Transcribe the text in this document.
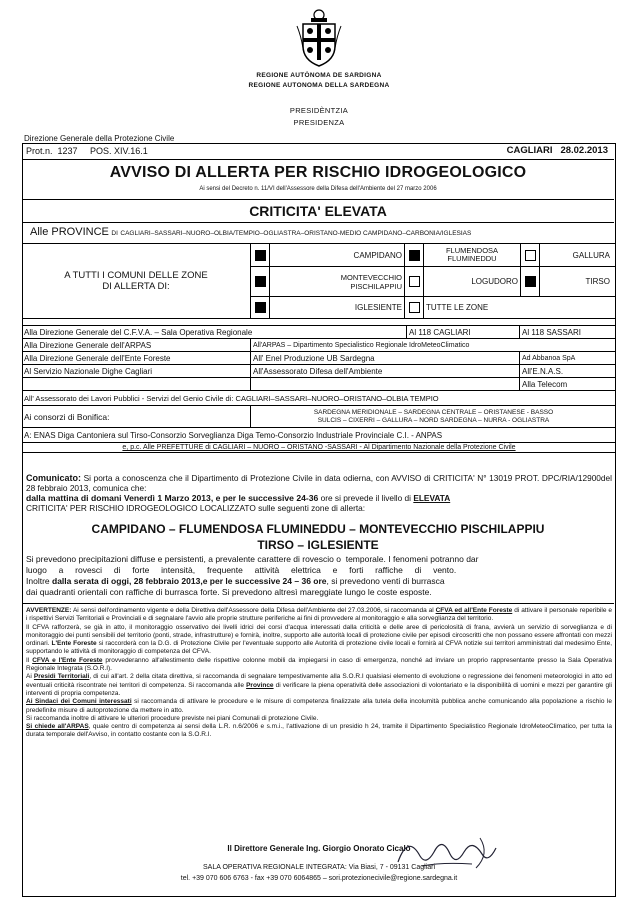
REGIONE AUTÒNOMA DE SARDIGNA
REGIONE AUTONOMA DELLA SARDEGNA
PRESIDÈNTZIA
PRESIDENZA
Direzione Generale della Protezione Civile
Prot.n.  1237     POS. XIV.16.1	CAGLIARI   28.02.2013
AVVISO DI ALLERTA PER RISCHIO IDROGEOLOGICO
Ai sensi del Decreto n. 11/VI dell'Assessore della Difesa dell'Ambiente del 27 marzo 2006
CRITICITA' ELEVATA
Alle PROVINCE DI CAGLIARI–SASSARI–NUORO–OLBIA/TEMPIO–OGLIASTRA–ORISTANO-MEDIO CAMPIDANO–CARBONIA/IGLESIAS
A TUTTI I COMUNI DELLE ZONE
DI ALLERTA DI:		CAMPIDANO		FLUMENDOSA FLUMINEDDU		GALLURA
		MONTEVECCHIO
PISCHILAPPIU		LOGUDORO		TIRSO
		IGLESIENTE		TUTTE LE ZONE		
Alla Direzione Generale del C.F.V.A. – Sala Operativa Regionale		Al 118 CAGLIARI	Al 118 SASSARI
Alla Direzione Generale dell'ARPAS	All'ARPAS – Dipartimento Specialistico Regionale IdroMeteoClimatico		
Alla Direzione Generale dell'Ente Foreste	All' Enel Produzione UB Sardegna		Ad Abbanoa SpA
Al Servizio Nazionale Dighe Cagliari	All'Assessorato Difesa dell'Ambiente		All'E.N.A.S.
			Alla Telecom
All' Assessorato dei Lavori Pubblici - Servizi del Genio Civile di: CAGLIARI–SASSARI–NUORO–ORISTANO–OLBIA TEMPIO			
Ai consorzi di Bonifica:	SARDEGNA MERIDIONALE – SARDEGNA CENTRALE – ORISTANESE - BASSO
SULCIS – CIXERRI – GALLURA – NORD SARDEGNA – NURRA - OGLIASTRA		

A: ENAS Diga Cantoniera sul Tirso-Consorzio Sorveglianza Diga Temo-Consorzio Industriale Provinciale C.I. - ANPAS			
e, p.c. Alle PREFETTURE di CAGLIARI – NUORO – ORISTANO -SASSARI - Al Dipartimento Nazionale della Protezione Civile			
Comunicato: Si porta a conoscenza che il Dipartimento di Protezione Civile in data odierna, con AVVISO di CRITICITA' N° 13019 PROT. DPC/RIA/12900del 28 febbraio 2013, comunica che:
dalla mattina di domani Venerdì 1 Marzo 2013, e per le successive 24-36 ore si prevede il livello di ELEVATA
CRITICITA' PER RISCHIO IDROGEOLOGICO LOCALIZZATO sulle seguenti zone di allerta:
CAMPIDANO – FLUMENDOSA FLUMINEDDU – MONTEVECCHIO PISCHILAPPIU
TIRSO – IGLESIENTE
Si prevedono precipitazioni diffuse e persistenti, a prevalente carattere di rovescio o  temporale. I fenomeni potranno dar
luogo     a     rovesci     di     forte     intensità,     frequente     attività     elettrica     e     forti     raffiche     di     vento.
Inoltre dalla serata di oggi, 28 febbraio 2013,e per le successive 24 – 36 ore, si prevedono venti di burrasca
dai quadranti orientali con raffiche di burrasca forte. Si prevedono altresì mareggiate lungo le coste esposte.
AVVERTENZE: Ai sensi dell'ordinamento vigente e della Direttiva dell'Assessore della Difesa dell'Ambiente del 27.03.2006, si raccomanda al CFVA ed all'Ente Foreste di attivare il personale reperibile e i rispettivi Servizi Territoriali e Provinciali e di segnalare l'avvio alle proprie strutture periferiche ai fini di provvedere al monitoraggio e alla sorveglianza del territorio.
Il CFVA rafforzerà, se già in atto, il monitoraggio osservativo dei livelli idrici dei corsi d'acqua interessati dalla criticità e delle aree di pericolosità di frana, avvierà un servizio di sorveglianza e di monitoraggio dei punti sensibili del territorio (ponti, strade, infrastrutture) e fornirà, inoltre, supporto alle autorità locali di protezione civile per episodi circoscritti che non possano essere affrontati con mezzi ordinari. L'Ente Foreste si raccorderà con la D.G. di Protezione Civile per l'eventuale supporto alle Autorità di protezione civile locali e fornirà al CFVA notizie sui territori amministrati dal medesimo Ente, supportando le attività di monitoraggio di competenza del CFVA.
Il CFVA e l'Ente Foreste provvederanno all'allestimento delle rispettive colonne mobili da impiegarsi in caso di emergenza, nonché ad inviare un proprio rappresentante presso la Sala Operativa Regionale Integrata (S.O.R.I).
Ai Presidi Territoriali, di cui all'art. 2 della citata direttiva, si raccomanda di segnalare tempestivamente alla S.O.R.I qualsiasi elemento di evoluzione o regressione dei fenomeni meteorologici in atto ed eventuali criticità riscontrate nei territori di competenza. Si raccomanda alle Province di verificare la piena operatività delle associazioni di volontariato e la disponibilità di uomini e mezzi per garantire gli interventi di propria competenza.
Ai Sindaci dei Comuni interessati si raccomanda di attivare le procedure e le misure di competenza finalizzate alla tutela della incolumità pubblica anche comunicando alla popolazione a rischio le predefinite misure di autoprotezione da mettere in atto.
Si raccomanda inoltre di attivare le ulteriori procedure previste nei piani Comunali di protezione Civile.
Si chiede all'ARPAS, quale centro di competenza ai sensi della L.R. n.6/2006 e s.m.i., l'attivazione di un presidio h 24, tramite il Dipartimento Specialistico Regionale IdroMeteoClimatico, per tutta la durata temporale dell'Avviso, in contatto costante con la S.O.R.I.
Il Direttore Generale Ing. Giorgio Onorato Cicalò
SALA OPERATIVA REGIONALE INTEGRATA: Via Biasi, 7 - 09131 Cagliari
tel. +39 070 606 6763 - fax +39 070 6064865 – sori.protezionecivile@regione.sardegna.it
